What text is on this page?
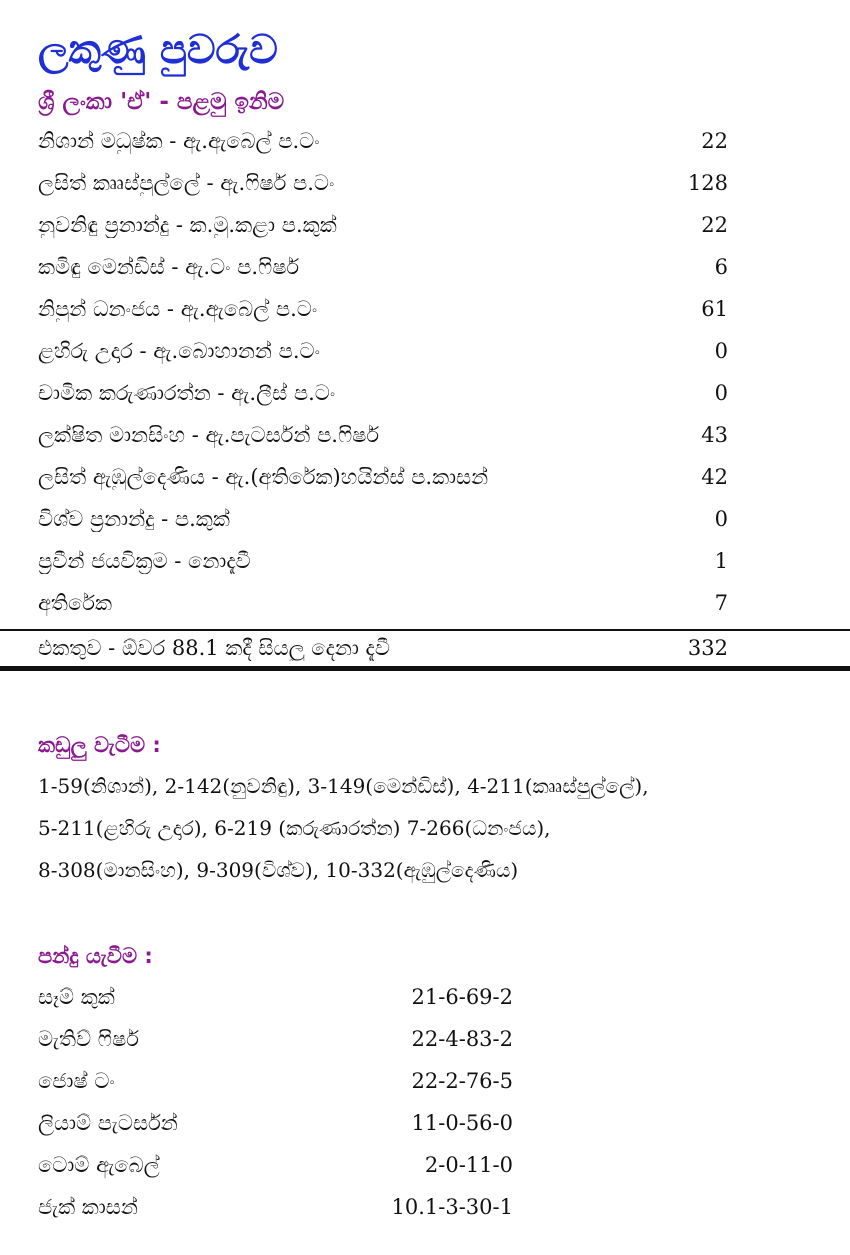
ලකුණු පුවරුව
ශ්‍රී ලංකා 'ඒ' - පළමු ඉනිම
නිශාන් මධුෂ්ක - ඇ.ඇබෙල් ප.ටං	22
ලසිත් කෲස්පුල්ලේ - ඇ.ෆිෂර් ප.ටං	128
නුවනිඳු ප්‍රනාන්දු - ක.මු.කළා ප.කුක්	22
කමිඳු මෙන්ඩිස් - ඇ.ටං ප.ෆිෂර්	6
නිපුන් ධනංජය - ඇ.ඇබෙල් ප.ටං	61
ළහිරු උදාර - ඇ.බොහානන් ප.ටං	0
චාමික කරුණාරත්න - ඇ.ලීස් ප.ටං	0
ලක්ෂිත මානසිංහ - ඇ.පැටර්සන් ප.ෆිෂර්	43
ලසිත් ඇඹුල්දෙණිය - ඇ.(අතිරේක)හයින්ස් ප.කාසන්	42
විශ්ව ප්‍රනාන්දු - ප.කුක්	0
ප්‍රවීන් ජයවික්‍රම - නොදැවී	1
අතිරේක	7
එකතුව - ඕවර 88.1 කදී සියලු දෙනා දැවී	332
කඩුලු වැටීම :
1-59(නිශාන්), 2-142(නුවනිඳු), 3-149(මෙන්ඩිස්), 4-211(කෲස්පුල්ලේ),
5-211(ළහිරු උදාර), 6-219 (කරුණාරත්න) 7-266(ධනංජය),
8-308(මානසිංහ), 9-309(විශ්ව), 10-332(ඇඹුල්දෙණිය)
පන්දු යැවීම :
සෑම් කුක්	21-6-69-2
මැතිව් ෆිෂර්	22-4-83-2
ජොෂ් ටං	22-2-76-5
ලියාම් පැටර්සන්	11-0-56-0
ටොම් ඇබෙල්	2-0-11-0
ජැක් කාසන්	10.1-3-30-1
